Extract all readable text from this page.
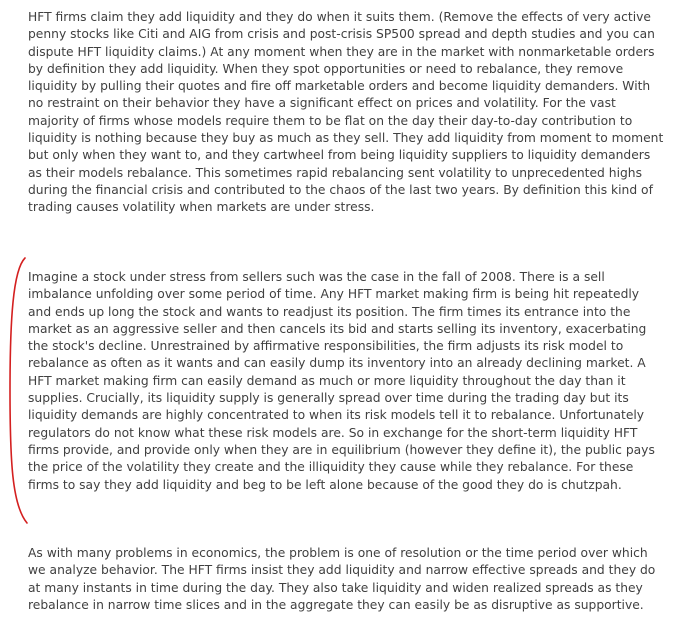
HFT firms claim they add liquidity and they do when it suits them. (Remove the effects of very active penny stocks like Citi and AIG from crisis and post-crisis SP500 spread and depth studies and you can dispute HFT liquidity claims.) At any moment when they are in the market with nonmarketable orders by definition they add liquidity. When they spot opportunities or need to rebalance, they remove liquidity by pulling their quotes and fire off marketable orders and become liquidity demanders. With no restraint on their behavior they have a significant effect on prices and volatility. For the vast majority of firms whose models require them to be flat on the day their day-to-day contribution to liquidity is nothing because they buy as much as they sell. They add liquidity from moment to moment but only when they want to, and they cartwheel from being liquidity suppliers to liquidity demanders as their models rebalance. This sometimes rapid rebalancing sent volatility to unprecedented highs during the financial crisis and contributed to the chaos of the last two years. By definition this kind of trading causes volatility when markets are under stress.

Imagine a stock under stress from sellers such was the case in the fall of 2008. There is a sell imbalance unfolding over some period of time. Any HFT market making firm is being hit repeatedly and ends up long the stock and wants to readjust its position. The firm times its entrance into the market as an aggressive seller and then cancels its bid and starts selling its inventory, exacerbating the stock's decline. Unrestrained by affirmative responsibilities, the firm adjusts its risk model to rebalance as often as it wants and can easily dump its inventory into an already declining market. A HFT market making firm can easily demand as much or more liquidity throughout the day than it supplies. Crucially, its liquidity supply is generally spread over time during the trading day but its liquidity demands are highly concentrated to when its risk models tell it to rebalance. Unfortunately regulators do not know what these risk models are. So in exchange for the short-term liquidity HFT firms provide, and provide only when they are in equilibrium (however they define it), the public pays the price of the volatility they create and the illiquidity they cause while they rebalance. For these firms to say they add liquidity and beg to be left alone because of the good they do is chutzpah.

As with many problems in economics, the problem is one of resolution or the time period over which we analyze behavior. The HFT firms insist they add liquidity and narrow effective spreads and they do at many instants in time during the day. They also take liquidity and widen realized spreads as they rebalance in narrow time slices and in the aggregate they can easily be as disruptive as supportive.
